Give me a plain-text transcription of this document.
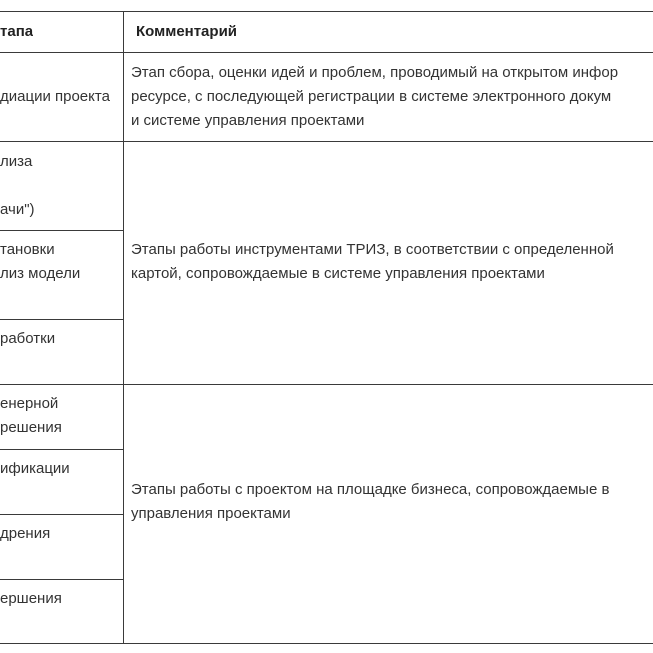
тапа	Комментарий
диации проекта
лиза

ачи")
тановки
лиз модели
работки
енерной
решения
ификации
дрения
ершения
Этап сбора, оценки идей и проблем, проводимый на открытом инфор
ресурсе, с последующей регистрации в системе электронного докум
и системе управления проектами
Этапы работы инструментами ТРИЗ, в соответствии с определенной
картой, сопровождаемые в системе управления проектами
Этапы работы с проектом на площадке бизнеса, сопровождаемые в
управления проектами
